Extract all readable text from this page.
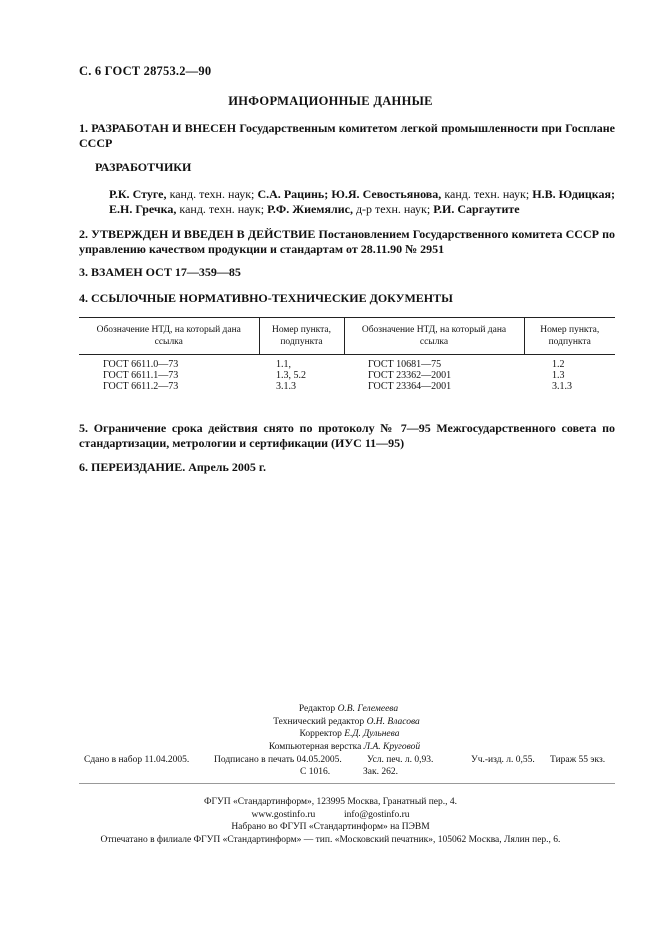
С. 6 ГОСТ 28753.2—90
ИНФОРМАЦИОННЫЕ ДАННЫЕ
1. РАЗРАБОТАН И ВНЕСЕН Государственным комитетом легкой промышленности при Госплане СССР
РАЗРАБОТЧИКИ
Р.К. Стуге, канд. техн. наук; С.А. Рацинь; Ю.Я. Севостьянова, канд. техн. наук; Н.В. Юдицкая; Е.Н. Гречка, канд. техн. наук; Р.Ф. Жиемялис, д-р техн. наук; Р.И. Саргаутите
2. УТВЕРЖДЕН И ВВЕДЕН В ДЕЙСТВИЕ Постановлением Государственного комитета СССР по управлению качеством продукции и стандартам от 28.11.90 № 2951
3. ВЗАМЕН ОСТ 17—359—85
4. ССЫЛОЧНЫЕ НОРМАТИВНО-ТЕХНИЧЕСКИЕ ДОКУМЕНТЫ
Обозначение НТД, на который дана ссылка	Номер пункта, подпункта	Обозначение НТД, на который дана ссылка	Номер пункта, подпункта
ГОСТ 6611.0—73	1.1,	ГОСТ 10681—75	1.2
ГОСТ 6611.1—73	1.3, 5.2	ГОСТ 23362—2001	1.3
ГОСТ 6611.2—73	3.1.3	ГОСТ 23364—2001	3.1.3
5. Ограничение срока действия снято по протоколу № 7—95 Межгосударственного совета по стандартизации, метрологии и сертификации (ИУС 11—95)
6. ПЕРЕИЗДАНИЕ. Апрель 2005 г.
Редактор О.В. Гелемеева
Технический редактор О.Н. Власова
Корректор Е.Д. Дульнева
Компьютерная верстка Л.А. Круговой
Сдано в набор 11.04.2005.	Подписано в печать 04.05.2005.	Усл. печ. л. 0,93.	Уч.-изд. л. 0,55. Тираж 55 экз.
С 1016.	Зак. 262.
ФГУП «Стандартинформ», 123995 Москва, Гранатный пер., 4.
www.gostinfo.ru	info@gostinfo.ru
Набрано во ФГУП «Стандартинформ» на ПЭВМ
Отпечатано в филиале ФГУП «Стандартинформ» — тип. «Московский печатник», 105062 Москва, Лялин пер., 6.
